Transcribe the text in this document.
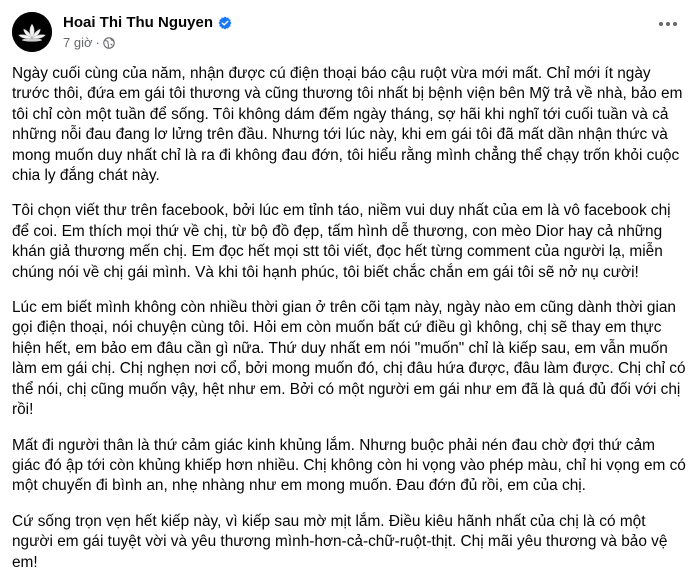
Hoai Thi Thu Nguyen
7 giờ ·

Ngày cuối cùng của năm, nhận được cú điện thoại báo cậu ruột vừa mới mất. Chỉ mới ít ngày trước thôi, đứa em gái tôi thương và cũng thương tôi nhất bị bệnh viện bên Mỹ trả về nhà, bảo em tôi chỉ còn một tuần để sống. Tôi không dám đếm ngày tháng, sợ hãi khi nghĩ tới cuối tuần và cả những nỗi đau đang lơ lửng trên đầu. Nhưng tới lúc này, khi em gái tôi đã mất dần nhận thức và mong muốn duy nhất chỉ là ra đi không đau đớn, tôi hiểu rằng mình chẳng thể chạy trốn khỏi cuộc chia ly đắng chát này.

Tôi chọn viết thư trên facebook, bởi lúc em tỉnh táo, niềm vui duy nhất của em là vô facebook chị để coi. Em thích mọi thứ về chị, từ bộ đồ đẹp, tấm hình dễ thương, con mèo Dior hay cả những khán giả thương mến chị. Em đọc hết mọi stt tôi viết, đọc hết từng comment của người lạ, miễn chúng nói về chị gái mình. Và khi tôi hạnh phúc, tôi biết chắc chắn em gái tôi sẽ nở nụ cười!

Lúc em biết mình không còn nhiều thời gian ở trên cõi tạm này, ngày nào em cũng dành thời gian gọi điện thoại, nói chuyện cùng tôi. Hỏi em còn muốn bất cứ điều gì không, chị sẽ thay em thực hiện hết, em bảo em đâu cần gì nữa. Thứ duy nhất em nói "muốn" chỉ là kiếp sau, em vẫn muốn làm em gái chị. Chị nghẹn nơi cổ, bởi mong muốn đó, chị đâu hứa được, đâu làm được. Chị chỉ có thể nói, chị cũng muốn vậy, hệt như em. Bởi có một người em gái như em đã là quá đủ đối với chị rồi!

Mất đi người thân là thứ cảm giác kinh khủng lắm. Nhưng buộc phải nén đau chờ đợi thứ cảm giác đó ập tới còn khủng khiếp hơn nhiều. Chị không còn hi vọng vào phép màu, chỉ hi vọng em có một chuyến đi bình an, nhẹ nhàng như em mong muốn. Đau đớn đủ rồi, em của chị.

Cứ sống trọn vẹn hết kiếp này, vì kiếp sau mờ mịt lắm. Điều kiêu hãnh nhất của chị là có một người em gái tuyệt vời và yêu thương mình-hơn-cả-chữ-ruột-thịt. Chị mãi yêu thương và bảo vệ em!
